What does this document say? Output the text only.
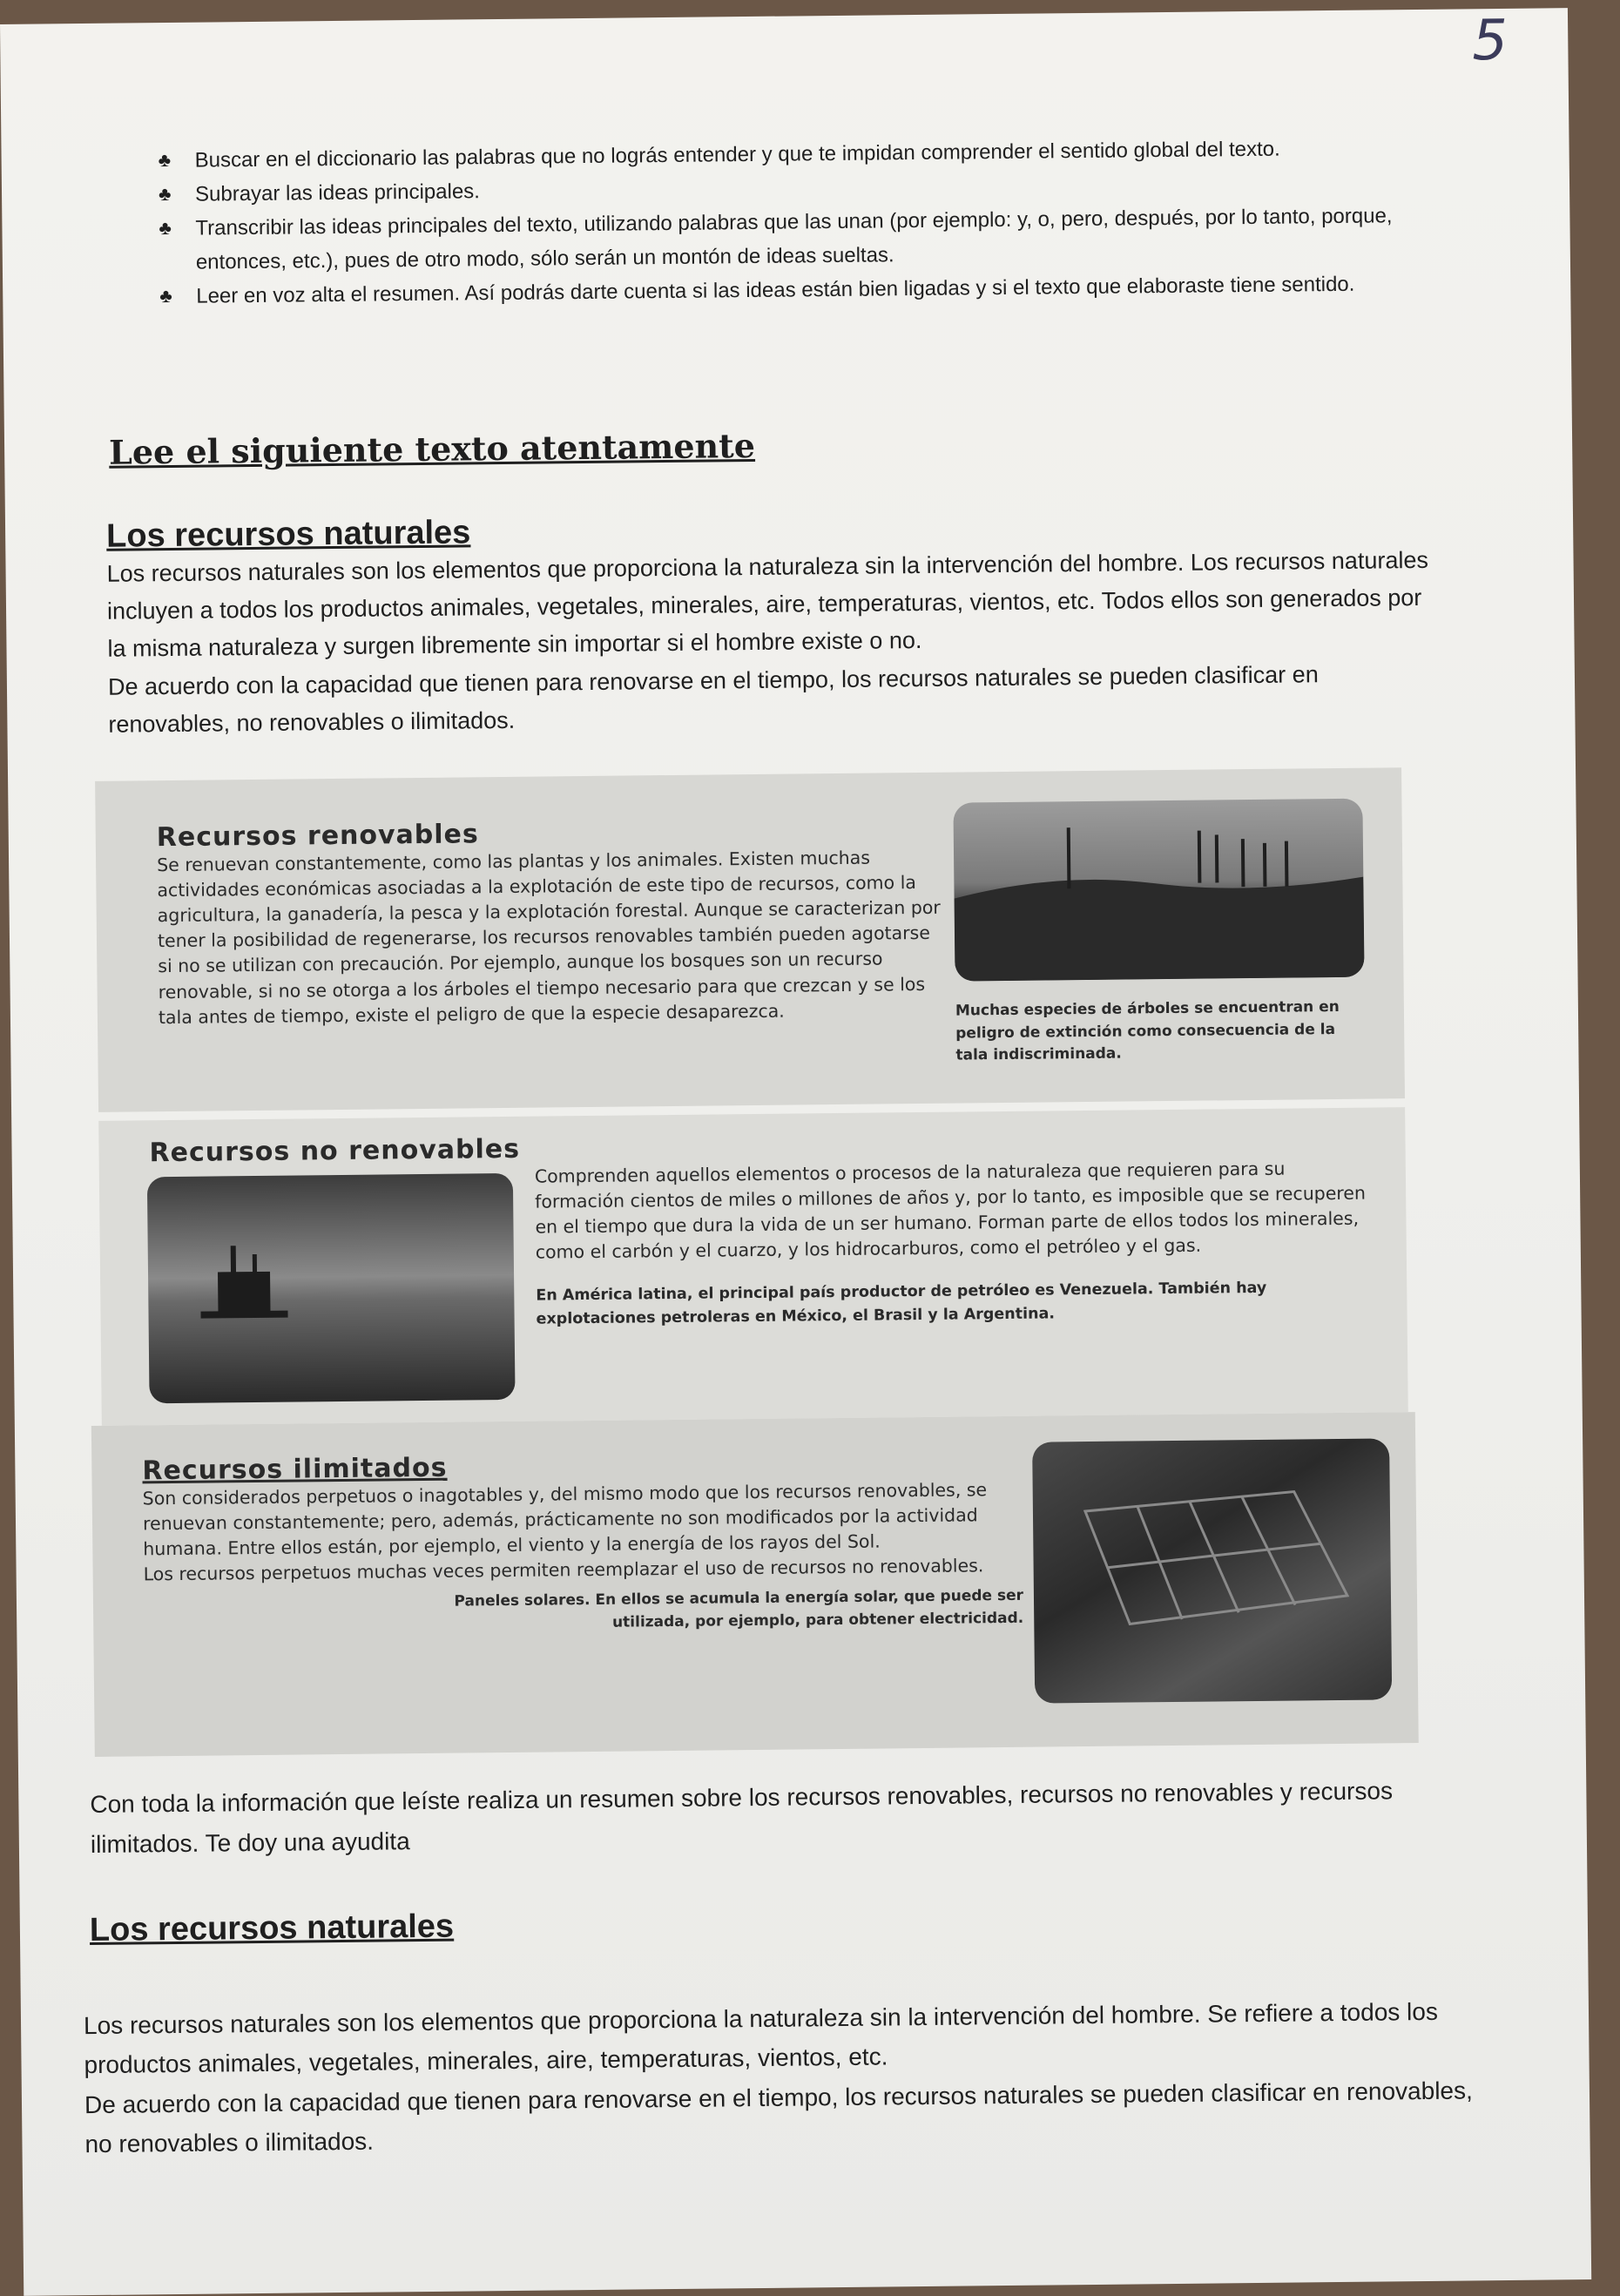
5
♣ Buscar en el diccionario las palabras que no lográs entender y que te impidan comprender el sentido global del texto.
♣ Subrayar las ideas principales.
♣ Transcribir las ideas principales del texto, utilizando palabras que las unan (por ejemplo: y, o, pero, después, por lo tanto, porque, entonces, etc.), pues de otro modo, sólo serán un montón de ideas sueltas.
♣ Leer en voz alta el resumen. Así podrás darte cuenta si las ideas están bien ligadas y si el texto que elaboraste tiene sentido.
Lee el siguiente texto atentamente
Los recursos naturales

Los recursos naturales son los elementos que proporciona la naturaleza sin la intervención del hombre. Los recursos naturales incluyen a todos los productos animales, vegetales, minerales, aire, temperaturas, vientos, etc. Todos ellos son generados por la misma naturaleza y surgen libremente sin importar si el hombre existe o no.

De acuerdo con la capacidad que tienen para renovarse en el tiempo, los recursos naturales se pueden clasificar en renovables, no renovables o ilimitados.

Recursos renovables
Se renuevan constantemente, como las plantas y los animales. Existen muchas actividades económicas asociadas a la explotación de este tipo de recursos, como la agricultura, la ganadería, la pesca y la explotación forestal. Aunque se caracterizan por tener la posibilidad de regenerarse, los recursos renovables también pueden agotarse si no se utilizan con precaución. Por ejemplo, aunque los bosques son un recurso renovable, si no se otorga a los árboles el tiempo necesario para que crezcan y se los tala antes de tiempo, existe el peligro de que la especie desaparezca.	Muchas especies de árboles se encuentran en peligro de extinción como consecuencia de la tala indiscriminada.
Recursos no renovables
Comprenden aquellos elementos o procesos de la naturaleza que requieren para su formación cientos de miles o millones de años y, por lo tanto, es imposible que se recuperen en el tiempo que dura la vida de un ser humano. Forman parte de ellos todos los minerales, como el carbón y el cuarzo, y los hidrocarburos, como el petróleo y el gas.
En América latina, el principal país productor de petróleo es Venezuela. También hay explotaciones petroleras en México, el Brasil y la Argentina.
Recursos ilimitados
Son considerados perpetuos o inagotables y, del mismo modo que los recursos renovables, se renuevan constantemente; pero, además, prácticamente no son modificados por la actividad humana. Entre ellos están, por ejemplo, el viento y la energía de los rayos del Sol.
Los recursos perpetuos muchas veces permiten reemplazar el uso de recursos no renovables.
Paneles solares. En ellos se acumula la energía solar, que puede ser utilizada, por ejemplo, para obtener electricidad.
Con toda la información que leíste realiza un resumen sobre los recursos renovables, recursos no renovables y recursos ilimitados. Te doy una ayudita
Los recursos naturales

Los recursos naturales son los elementos que proporciona la naturaleza sin la intervención del hombre. Se refiere a todos los productos animales, vegetales, minerales, aire, temperaturas, vientos, etc.

De acuerdo con la capacidad que tienen para renovarse en el tiempo, los recursos naturales se pueden clasificar en renovables, no renovables o ilimitados.
